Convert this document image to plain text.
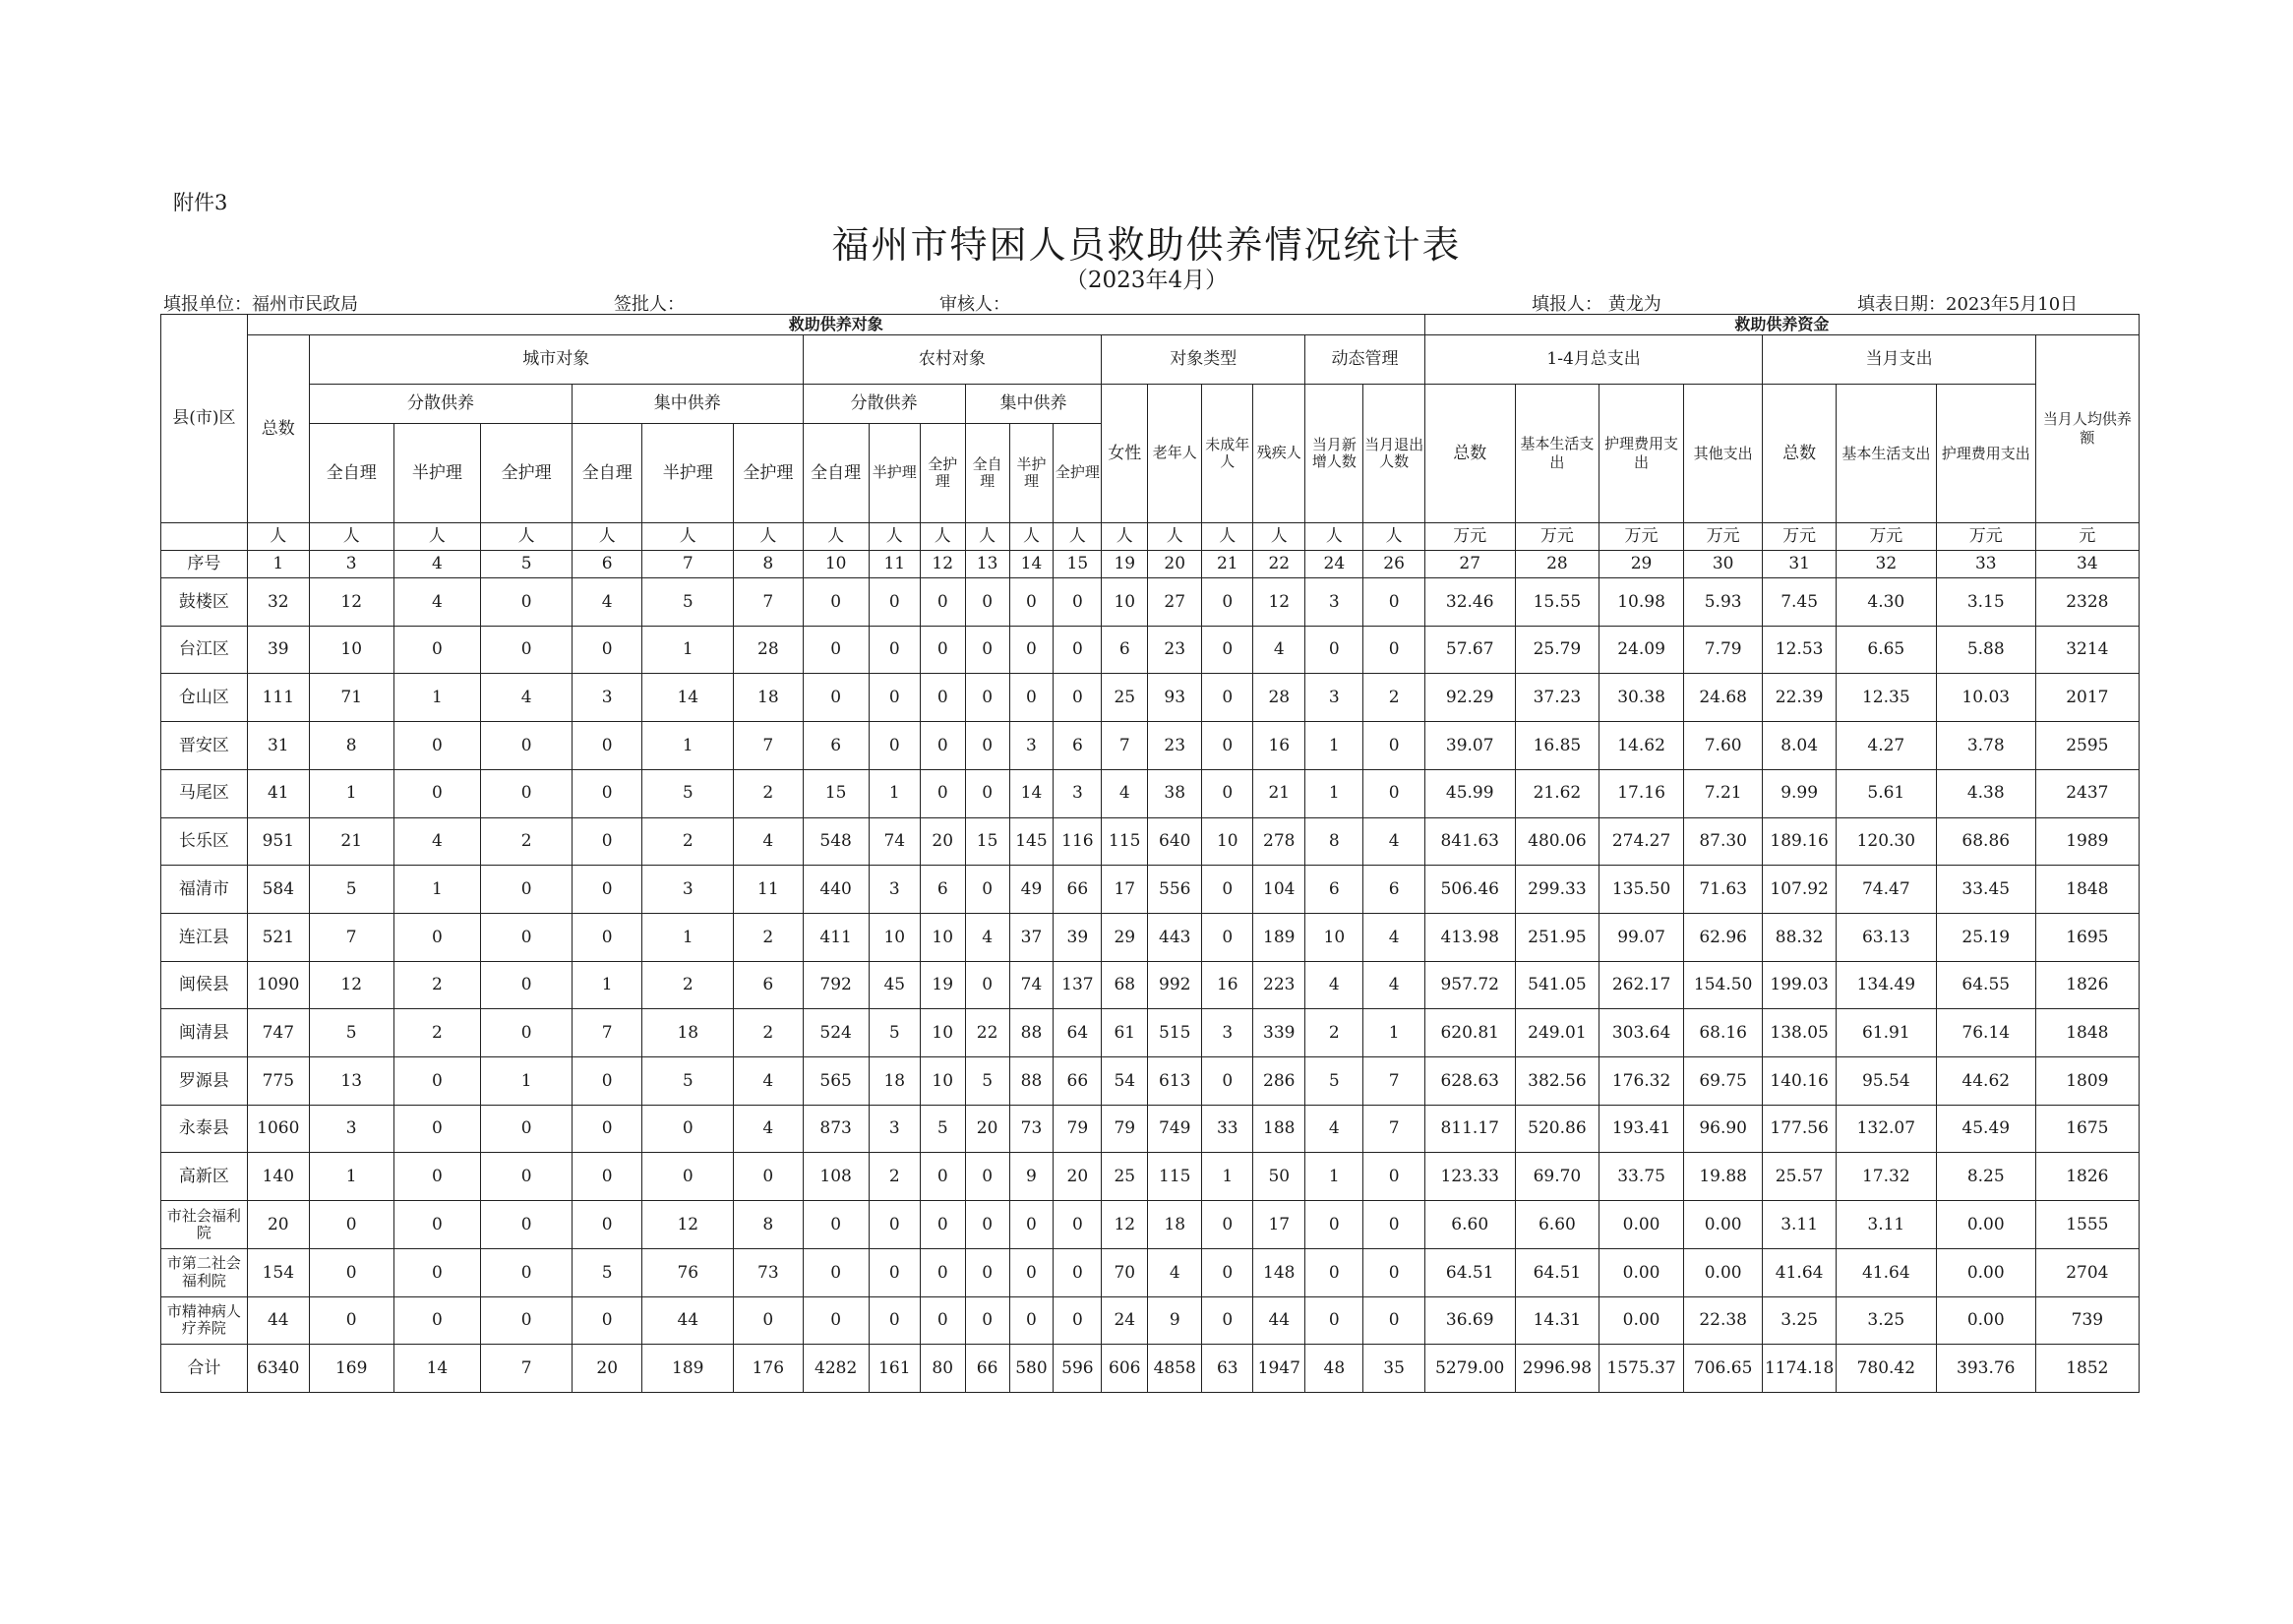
附件3
福州市特困人员救助供养情况统计表
（2023年4月）
填报单位：福州市民政局	签批人：	审核人：	填报人： 黄龙为	填表日期：2023年5月10日
县(市)区	救助供养对象																			救助供养资金							
	总数	城市对象						农村对象						对象类型				动态管理		1-4月总支出				当月支出			当月人均供养额
		分散供养			集中供养			分散供养			集中供养			女性	老年人	未成年人	残疾人	当月新增人数	当月退出人数	总数	基本生活支出	护理费用支出	其他支出	总数	基本生活支出	护理费用支出	
		全自理	半护理	全护理	全自理	半护理	全护理	全自理	半护理	全护理	全自理	半护理	全护理														
	人	人	人	人	人	人	人	人	人	人	人	人	人	人	人	人	人	人	人	万元	万元	万元	万元	万元	万元	万元	元
序号	1	3	4	5	6	7	8	10	11	12	13	14	15	19	20	21	22	24	26	27	28	29	30	31	32	33	34
鼓楼区	32	12	4	0	4	5	7	0	0	0	0	0	0	10	27	0	12	3	0	32.46	15.55	10.98	5.93	7.45	4.30	3.15	2328
台江区	39	10	0	0	0	1	28	0	0	0	0	0	0	6	23	0	4	0	0	57.67	25.79	24.09	7.79	12.53	6.65	5.88	3214
仓山区	111	71	1	4	3	14	18	0	0	0	0	0	0	25	93	0	28	3	2	92.29	37.23	30.38	24.68	22.39	12.35	10.03	2017
晋安区	31	8	0	0	0	1	7	6	0	0	0	3	6	7	23	0	16	1	0	39.07	16.85	14.62	7.60	8.04	4.27	3.78	2595
马尾区	41	1	0	0	0	5	2	15	1	0	0	14	3	4	38	0	21	1	0	45.99	21.62	17.16	7.21	9.99	5.61	4.38	2437
长乐区	951	21	4	2	0	2	4	548	74	20	15	145	116	115	640	10	278	8	4	841.63	480.06	274.27	87.30	189.16	120.30	68.86	1989
福清市	584	5	1	0	0	3	11	440	3	6	0	49	66	17	556	0	104	6	6	506.46	299.33	135.50	71.63	107.92	74.47	33.45	1848
连江县	521	7	0	0	0	1	2	411	10	10	4	37	39	29	443	0	189	10	4	413.98	251.95	99.07	62.96	88.32	63.13	25.19	1695
闽侯县	1090	12	2	0	1	2	6	792	45	19	0	74	137	68	992	16	223	4	4	957.72	541.05	262.17	154.50	199.03	134.49	64.55	1826
闽清县	747	5	2	0	7	18	2	524	5	10	22	88	64	61	515	3	339	2	1	620.81	249.01	303.64	68.16	138.05	61.91	76.14	1848
罗源县	775	13	0	1	0	5	4	565	18	10	5	88	66	54	613	0	286	5	7	628.63	382.56	176.32	69.75	140.16	95.54	44.62	1809
永泰县	1060	3	0	0	0	0	4	873	3	5	20	73	79	79	749	33	188	4	7	811.17	520.86	193.41	96.90	177.56	132.07	45.49	1675
高新区	140	1	0	0	0	0	0	108	2	0	0	9	20	25	115	1	50	1	0	123.33	69.70	33.75	19.88	25.57	17.32	8.25	1826
市社会福利院	20	0	0	0	0	12	8	0	0	0	0	0	0	12	18	0	17	0	0	6.60	6.60	0.00	0.00	3.11	3.11	0.00	1555
市第二社会福利院	154	0	0	0	5	76	73	0	0	0	0	0	0	70	4	0	148	0	0	64.51	64.51	0.00	0.00	41.64	41.64	0.00	2704
市精神病人疗养院	44	0	0	0	0	44	0	0	0	0	0	0	0	24	9	0	44	0	0	36.69	14.31	0.00	22.38	3.25	3.25	0.00	739
合计	6340	169	14	7	20	189	176	4282	161	80	66	580	596	606	4858	63	1947	48	35	5279.00	2996.98	1575.37	706.65	1174.18	780.42	393.76	1852
